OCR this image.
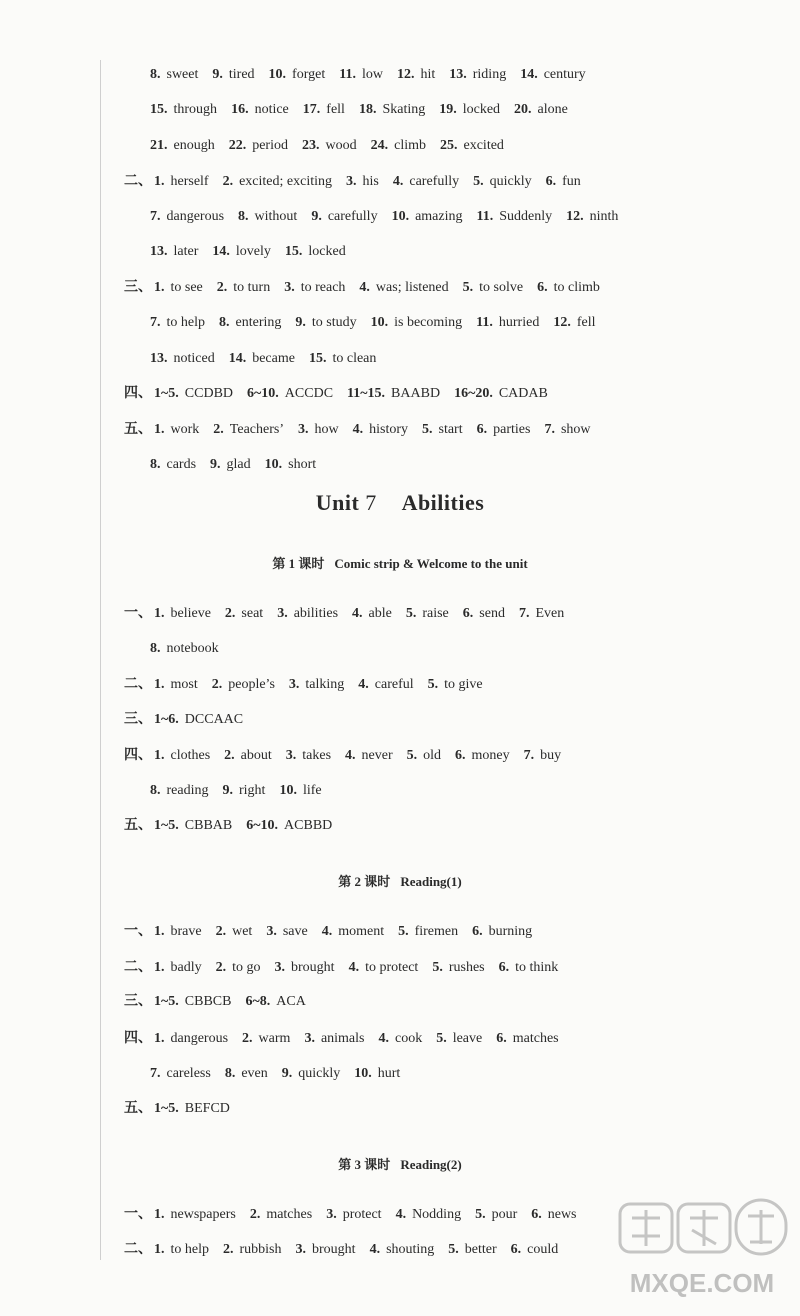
Unit 7 Abilities
MXQE.COM
8. sweet 9. tired 10. forget 11. low 12. hit 13. riding 14. century
15. through 16. notice 17. fell 18. Skating 19. locked 20. alone
21. enough 22. period 23. wood 24. climb 25. excited
二、 1. herself 2. excited; exciting 3. his 4. carefully 5. quickly 6. fun
7. dangerous 8. without 9. carefully 10. amazing 11. Suddenly 12. ninth
13. later 14. lovely 15. locked
三、 1. to see 2. to turn 3. to reach 4. was; listened 5. to solve 6. to climb
7. to help 8. entering 9. to study 10. is becoming 11. hurried 12. fell
13. noticed 14. became 15. to clean
四、 1~5. CCDBD 6~10. ACCDC 11~15. BAABD 16~20. CADAB
五、 1. work 2. Teachers’ 3. how 4. history 5. start 6. parties 7. show
8. cards 9. glad 10. short
第 1 课时 Comic strip & Welcome to the unit
一、 1. believe 2. seat 3. abilities 4. able 5. raise 6. send 7. Even
8. notebook
二、 1. most 2. people’s 3. talking 4. careful 5. to give
三、 1~6. DCCAAC
四、 1. clothes 2. about 3. takes 4. never 5. old 6. money 7. buy
8. reading 9. right 10. life
五、 1~5. CBBAB 6~10. ACBBD
第 2 课时 Reading(1)
一、 1. brave 2. wet 3. save 4. moment 5. firemen 6. burning
二、 1. badly 2. to go 3. brought 4. to protect 5. rushes 6. to think
三、 1~5. CBBCB 6~8. ACA
四、 1. dangerous 2. warm 3. animals 4. cook 5. leave 6. matches
7. careless 8. even 9. quickly 10. hurt
五、 1~5. BEFCD
第 3 课时 Reading(2)
一、 1. newspapers 2. matches 3. protect 4. Nodding 5. pour 6. news
二、 1. to help 2. rubbish 3. brought 4. shouting 5. better 6. could
